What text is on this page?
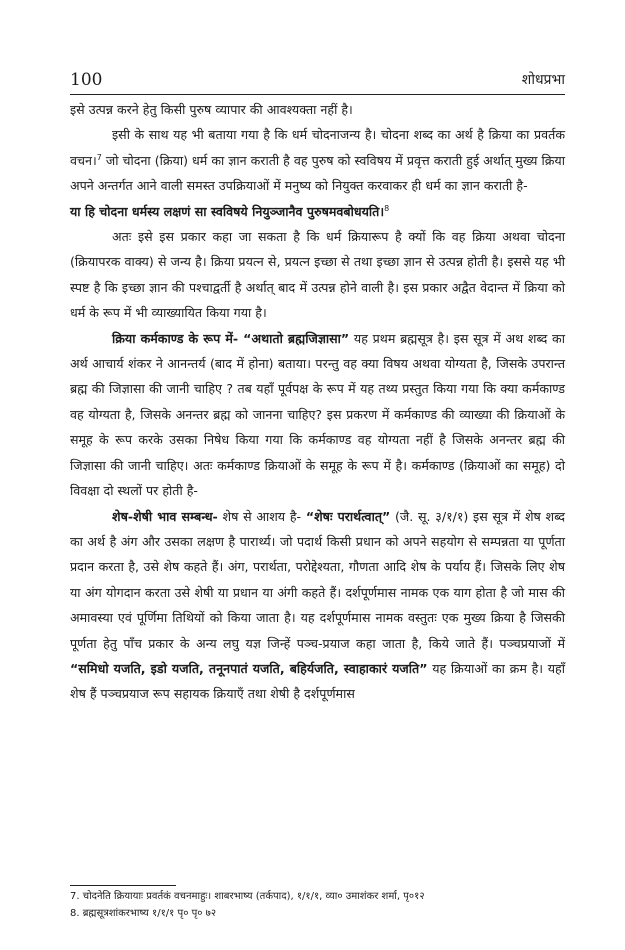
100	शोधप्रभा

इसे उत्पन्न करने हेतु किसी पुरुष व्यापार की आवश्यक्ता नहीं है।

इसी के साथ यह भी बताया गया है कि धर्म चोदनाजन्य है। चोदना शब्द का अर्थ है क्रिया का प्रवर्तक वचन।$^7$ जो चोदना (क्रिया) धर्म का ज्ञान कराती है वह पुरुष को स्वविषय में प्रवृत्त कराती हुई अर्थात् मुख्य क्रिया अपने अन्तर्गत आने वाली समस्त उपक्रियाओं में मनुष्य को नियुक्त करवाकर ही धर्म का ज्ञान कराती है-
या हि चोदना धर्मस्य लक्षणं सा स्वविषये नियुञ्जानैव पुरुषमवबोधयति।$^8$

अतः इसे इस प्रकार कहा जा सकता है कि धर्म क्रियारूप है क्यों कि वह क्रिया अथवा चोदना (क्रियापरक वाक्य) से जन्य है। क्रिया प्रयत्न से, प्रयत्न इच्छा से तथा इच्छा ज्ञान से उत्पन्न होती है। इससे यह भी स्पष्ट है कि इच्छा ज्ञान की पश्चाद्वर्ती है अर्थात् बाद में उत्पन्न होने वाली है। इस प्रकार अद्वैत वेदान्त में क्रिया को धर्म के रूप में भी व्याख्यायित किया गया है।

क्रिया कर्मकाण्ड के रूप में- “अथातो ब्रह्मजिज्ञासा” यह प्रथम ब्रह्मसूत्र है। इस सूत्र में अथ शब्द का अर्थ आचार्य शंकर ने आनन्तर्य (बाद में होना) बताया। परन्तु वह क्या विषय अथवा योग्यता है, जिसके उपरान्त ब्रह्म की जिज्ञासा की जानी चाहिए ? तब यहाँ पूर्वपक्ष के रूप में यह तथ्य प्रस्तुत किया गया कि क्या कर्मकाण्ड वह योग्यता है, जिसके अनन्तर ब्रह्म को जानना चाहिए? इस प्रकरण में कर्मकाण्ड की व्याख्या की क्रियाओं के समूह के रूप करके उसका निषेध किया गया कि कर्मकाण्ड वह योग्यता नहीं है जिसके अनन्तर ब्रह्म की जिज्ञासा की जानी चाहिए। अतः कर्मकाण्ड क्रियाओं के समूह के रूप में है। कर्मकाण्ड (क्रियाओं का समूह) दो विवक्षा दो स्थलों पर होती है-

शेष-शेषी भाव सम्बन्ध- शेष से आशय है- “शेषः परार्थत्वात्” (जै. सू. ३/१/१) इस सूत्र में शेष शब्द का अर्थ है अंग और उसका लक्षण है पारार्थ्य। जो पदार्थ किसी प्रधान को अपने सहयोग से सम्पन्नता या पूर्णता प्रदान करता है, उसे शेष कहते हैं। अंग, परार्थता, परोद्देश्यता, गौणता आदि शेष के पर्याय हैं। जिसके लिए शेष या अंग योगदान करता उसे शेषी या प्रधान या अंगी कहते हैं। दर्शपूर्णमास नामक एक याग होता है जो मास की अमावस्या एवं पूर्णिमा तिथियों को किया जाता है। यह दर्शपूर्णमास नामक वस्तुतः एक मुख्य क्रिया है जिसकी पूर्णता हेतु पाँच प्रकार के अन्य लघु यज्ञ जिन्हें पञ्च-प्रयाज कहा जाता है, किये जाते हैं। पञ्चप्रयाजों में “समिधो यजति, इडो यजति, तनूनपातं यजति, बहिर्यजति, स्वाहाकारं यजति” यह क्रियाओं का क्रम है। यहाँ शेष हैं पञ्चप्रयाज रूप सहायक क्रियाएँ तथा शेषी है दर्शपूर्णमास

7. चोदनेति क्रियायाः प्रवर्तकं वचनमाहुः। शाबरभाष्य (तर्कपाद), १/१/१, व्या० उमाशंकर शर्मा, पृ०१२

8. ब्रह्मसूत्रशांकरभाष्य १/१/१ पृ० पृ० ७२
